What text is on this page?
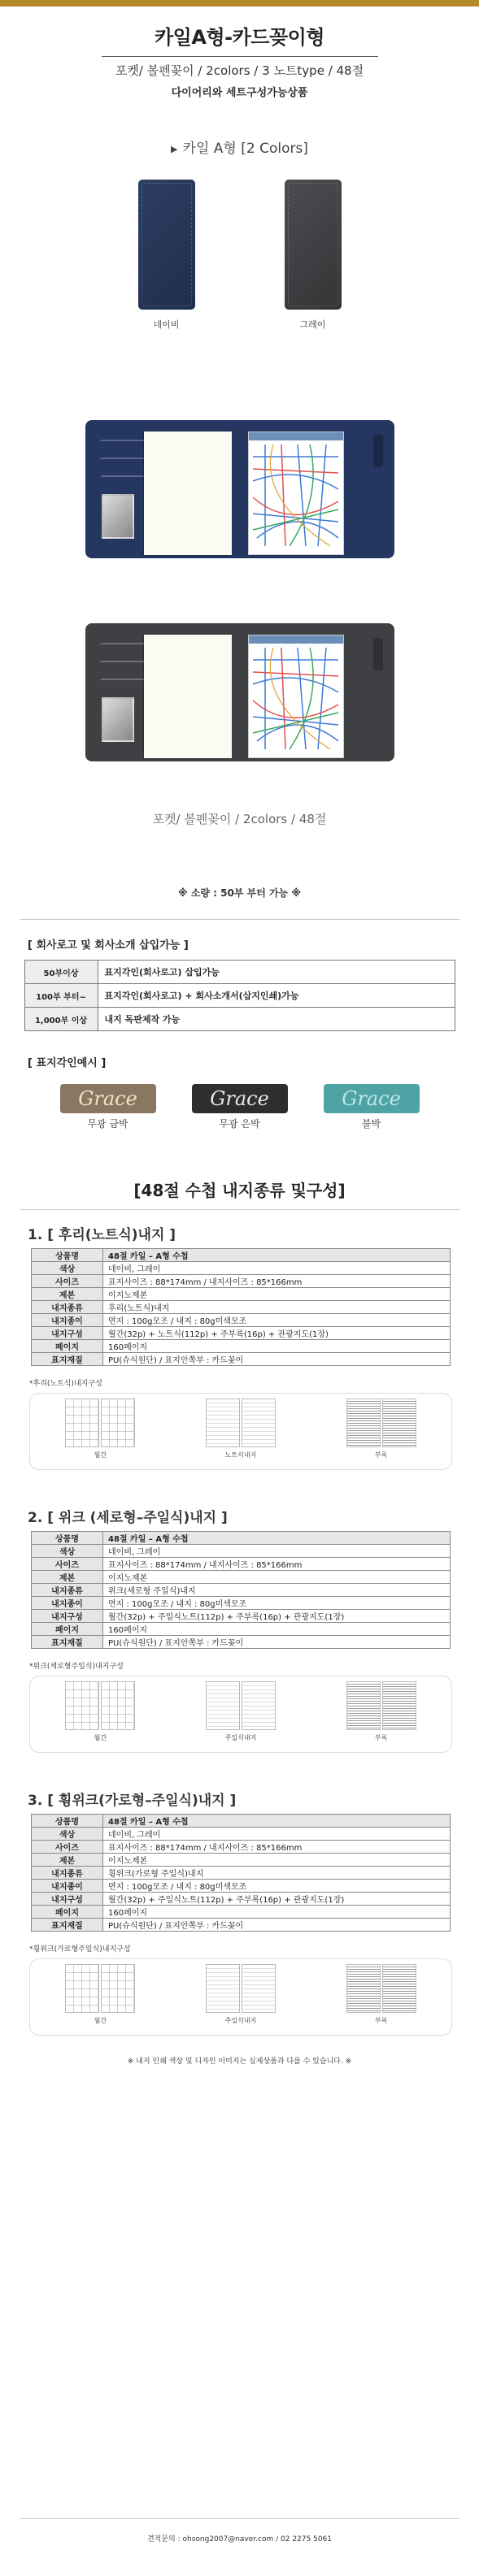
카일A형-카드꽂이형
포켓/ 볼펜꽂이 / 2colors / 3 노트type / 48절
다이어리와 세트구성가능상품
▶ 카일 A형 [2 Colors]
네이비	그레이
포켓/ 볼펜꽂이 / 2colors / 48절
※ 소량 : 50부 부터 가능 ※
[ 회사로고 및 회사소개 삽입가능 ]
50부이상	표지각인(회사로고) 삽입가능
100부 부터~	표지각인(회사로고) + 회사소개서(삽지인쇄)가능
1,000부 이상	내지 독판제작 가능
[ 표지각인예시 ]
Grace
무광 금박
Grace
무광 은박
Grace
불박
[48절 수첩 내지종류 및구성]
1. [ 후리(노트식)내지 ]
상품명	48절 카일 – A형 수첩
색상	네이비, 그레이
사이즈	표지사이즈 : 88*174mm / 내지사이즈 : 85*166mm
제본	이지노제본
내지종류	후리(노트식)내지
내지종이	면지 : 100g모조 / 내지 : 80g미색모조
내지구성	월간(32p) + 노트식(112p) + 주부록(16p) + 관광지도(1장)
페이지	160페이지
표지재질	PU(슈식원단) / 표지안쪽부 : 카드꽂이
*후리(노트식)내지구성
월간	노트식내지	부록
2. [ 위크 (세로형–주일식)내지 ]
상품명	48절 카일 – A형 수첩
색상	네이비, 그레이
사이즈	표지사이즈 : 88*174mm / 내지사이즈 : 85*166mm
제본	이지노제본
내지종류	위크(세로형 주일식)내지
내지종이	면지 : 100g모조 / 내지 : 80g미색모조
내지구성	월간(32p) + 주일식노트(112p) + 주부록(16p) + 관광지도(1장)
페이지	160페이지
표지재질	PU(슈식원단) / 표지안쪽부 : 카드꽂이
*위크(세로형주일식)내지구성
월간	주일식내지	부록
3. [ 휭위크(가로형–주일식)내지 ]
상품명	48절 카일 – A형 수첩
색상	네이비, 그레이
사이즈	표지사이즈 : 88*174mm / 내지사이즈 : 85*166mm
제본	이지노제본
내지종류	휭위크(가로형 주일식)내지
내지종이	면지 : 100g모조 / 내지 : 80g미색모조
내지구성	월간(32p) + 주일식노트(112p) + 주부록(16p) + 관광지도(1장)
페이지	160페이지
표지재질	PU(슈식원단) / 표지안쪽부 : 카드꽂이
*휭위크(가로형주일식)내지구성
월간	주일식내지	부록
※ 내지 인쇄 색상 및 디자인 이미지는 실제상품과 다를 수 있습니다. ※
견적문의 : ohsong2007@naver.com / 02 2275 5061
